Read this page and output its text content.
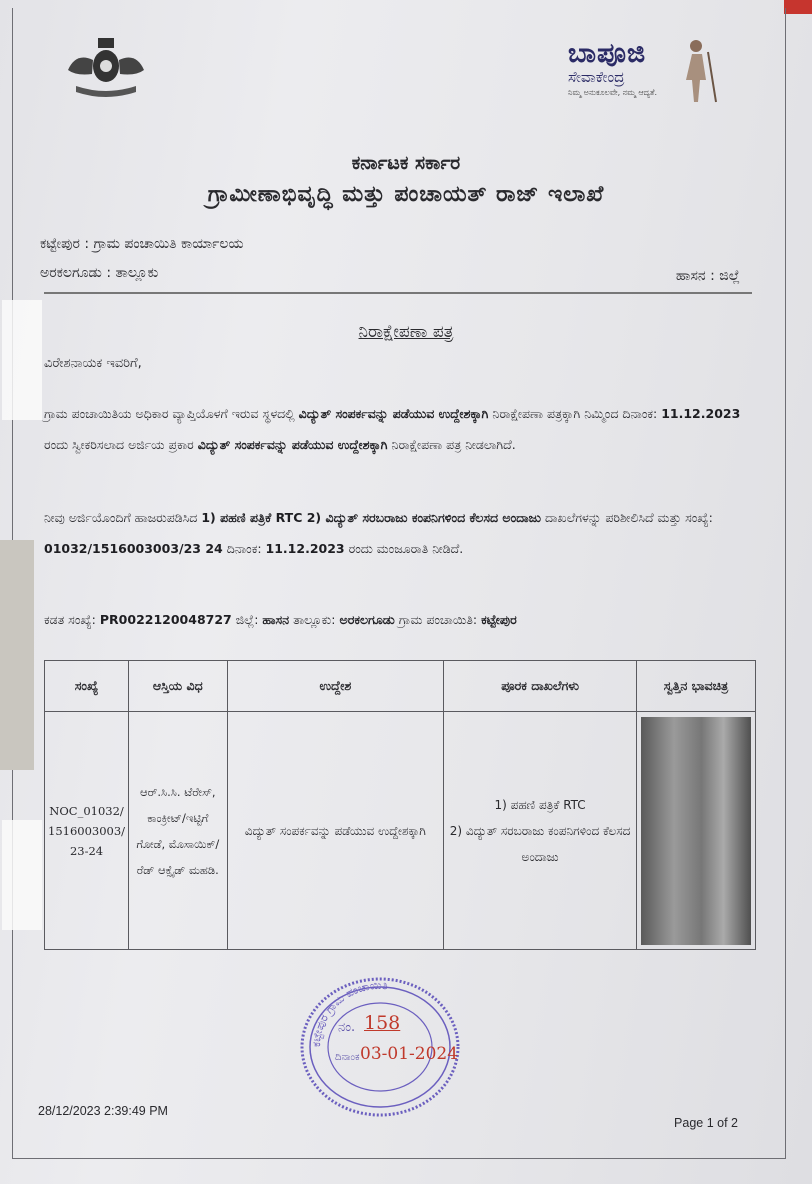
ಬಾಪೂಜಿ
ಸೇವಾಕೇಂದ್ರ
ನಿಮ್ಮ ಅನುಕೂಲವೇ, ನಮ್ಮ ಆದ್ಯತೆ.
ಕರ್ನಾಟಕ ಸರ್ಕಾರ
ಗ್ರಾಮೀಣಾಭಿವೃದ್ಧಿ ಮತ್ತು ಪಂಚಾಯತ್ ರಾಜ್ ಇಲಾಖೆ
ಕಟ್ಟೇಪುರ : ಗ್ರಾಮ ಪಂಚಾಯಿತಿ ಕಾರ್ಯಾಲಯ
ಅರಕಲಗೂಡು : ತಾಲ್ಲೂಕು	ಹಾಸನ : ಜಿಲ್ಲೆ
ನಿರಾಕ್ಷೇಪಣಾ ಪತ್ರ
ವಿರೇಶನಾಯಕ ಇವರಿಗೆ,
ಗ್ರಾಮ ಪಂಚಾಯಿತಿಯ ಅಧಿಕಾರ ವ್ಯಾಪ್ತಿಯೊಳಗೆ ಇರುವ ಸ್ಥಳದಲ್ಲಿ ವಿದ್ಯುತ್ ಸಂಪರ್ಕವನ್ನು ಪಡೆಯುವ ಉದ್ದೇಶಕ್ಕಾಗಿ ನಿರಾಕ್ಷೇಪಣಾ ಪತ್ರಕ್ಕಾಗಿ ನಿಮ್ಮಿಂದ ದಿನಾಂಕ: 11.12.2023 ರಂದು ಸ್ವೀಕರಿಸಲಾದ ಅರ್ಜಿಯ ಪ್ರಕಾರ ವಿದ್ಯುತ್ ಸಂಪರ್ಕವನ್ನು ಪಡೆಯುವ ಉದ್ದೇಶಕ್ಕಾಗಿ ನಿರಾಕ್ಷೇಪಣಾ ಪತ್ರ ನೀಡಲಾಗಿದೆ.
ನೀವು ಅರ್ಜಿಯೊಂದಿಗೆ ಹಾಜರುಪಡಿಸಿದ 1) ಪಹಣಿ ಪತ್ರಿಕೆ RTC 2) ವಿದ್ಯುತ್ ಸರಬರಾಜು ಕಂಪನಿಗಳಿಂದ ಕೆಲಸದ ಅಂದಾಜು ದಾಖಲೆಗಳನ್ನು ಪರಿಶೀಲಿಸಿದೆ ಮತ್ತು ಸಂಖ್ಯೆ: 01032/1516003003/23 24 ದಿನಾಂಕ: 11.12.2023 ರಂದು ಮಂಜೂರಾತಿ ನೀಡಿದೆ.
ಕಡತ ಸಂಖ್ಯೆ: PR0022120048727 ಜಿಲ್ಲೆ: ಹಾಸನ ತಾಲ್ಲೂಕು: ಅರಕಲಗೂಡು ಗ್ರಾಮ ಪಂಚಾಯಿತಿ: ಕಟ್ಟೇಪುರ
ಸಂಖ್ಯೆ	ಆಸ್ತಿಯ ವಿಧ	ಉದ್ದೇಶ	ಪೂರಕ ದಾಖಲೆಗಳು	ಸ್ವತ್ತಿನ ಭಾವಚಿತ್ರ
NOC_01032/1516003003/23-24	ಆರ್.ಸಿ.ಸಿ. ಟೆರೇಸ್, ಕಾಂಕ್ರೀಟ್/ಇಟ್ಟಿಗೆ ಗೋಡೆ, ಮೊಸಾಯಿಕ್/ರೆಡ್ ಆಕ್ಸೈಡ್ ಮಹಡಿ.	ವಿದ್ಯುತ್ ಸಂಪರ್ಕವನ್ನು ಪಡೆಯುವ ಉದ್ದೇಶಕ್ಕಾಗಿ	1) ಪಹಣಿ ಪತ್ರಿಕೆ RTC
2) ವಿದ್ಯುತ್ ಸರಬರಾಜು ಕಂಪನಿಗಳಿಂದ ಕೆಲಸದ ಅಂದಾಜು	

ಕಟ್ಟೇಪುರ ಗ್ರಾಮ ಪಂಚಾಯಿತಿ
ನಂ. 158
ದಿನಾಂಕ 03-01-2024
28/12/2023 2:39:49 PM
Page 1 of 2
